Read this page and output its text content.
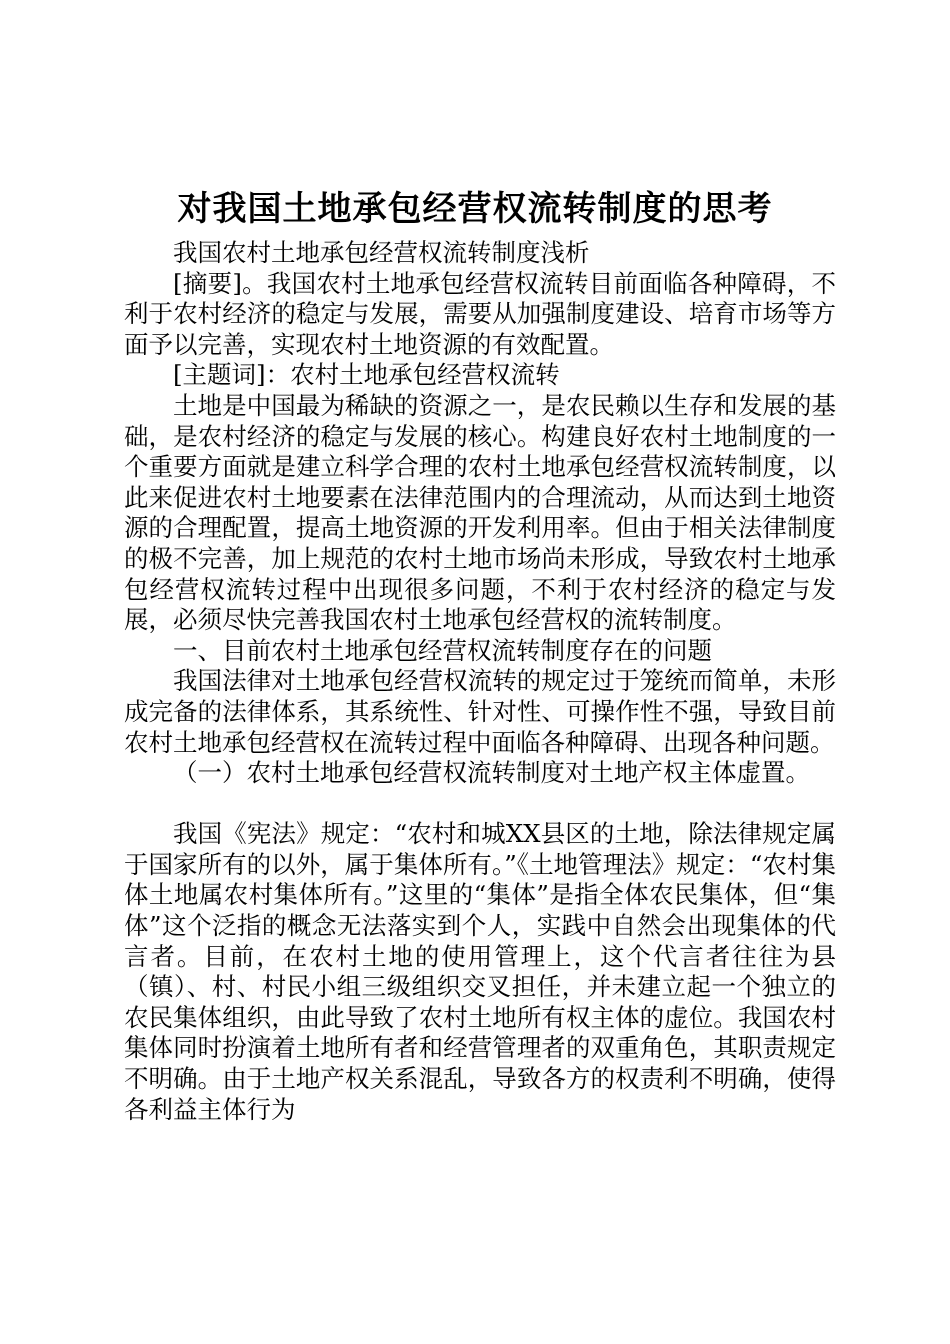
对我国土地承包经营权流转制度的思考

我国农村土地承包经营权流转制度浅析

[摘要]。我国农村土地承包经营权流转目前面临各种障碍，不利于农村经济的稳定与发展，需要从加强制度建设、培育市场等方面予以完善，实现农村土地资源的有效配置。

[主题词]：农村土地承包经营权流转

土地是中国最为稀缺的资源之一，是农民赖以生存和发展的基础，是农村经济的稳定与发展的核心。构建良好农村土地制度的一个重要方面就是建立科学合理的农村土地承包经营权流转制度，以此来促进农村土地要素在法律范围内的合理流动，从而达到土地资源的合理配置，提高土地资源的开发利用率。但由于相关法律制度的极不完善，加上规范的农村土地市场尚未形成，导致农村土地承包经营权流转过程中出现很多问题，不利于农村经济的稳定与发展，必须尽快完善我国农村土地承包经营权的流转制度。

一、目前农村土地承包经营权流转制度存在的问题

我国法律对土地承包经营权流转的规定过于笼统而简单，未形成完备的法律体系，其系统性、针对性、可操作性不强，导致目前农村土地承包经营权在流转过程中面临各种障碍、出现各种问题。

（一）农村土地承包经营权流转制度对土地产权主体虚置。

我国《宪法》规定：“农村和城XX县区的土地，除法律规定属于国家所有的以外，属于集体所有。”《土地管理法》规定：“农村集体土地属农村集体所有。”这里的“集体”是指全体农民集体，但“集体”这个泛指的概念无法落实到个人，实践中自然会出现集体的代言者。目前，在农村土地的使用管理上，这个代言者往往为县（镇）、村、村民小组三级组织交叉担任，并未建立起一个独立的农民集体组织，由此导致了农村土地所有权主体的虚位。我国农村集体同时扮演着土地所有者和经营管理者的双重角色，其职责规定不明确。由于土地产权关系混乱，导致各方的权责利不明确，使得各利益主体行为
